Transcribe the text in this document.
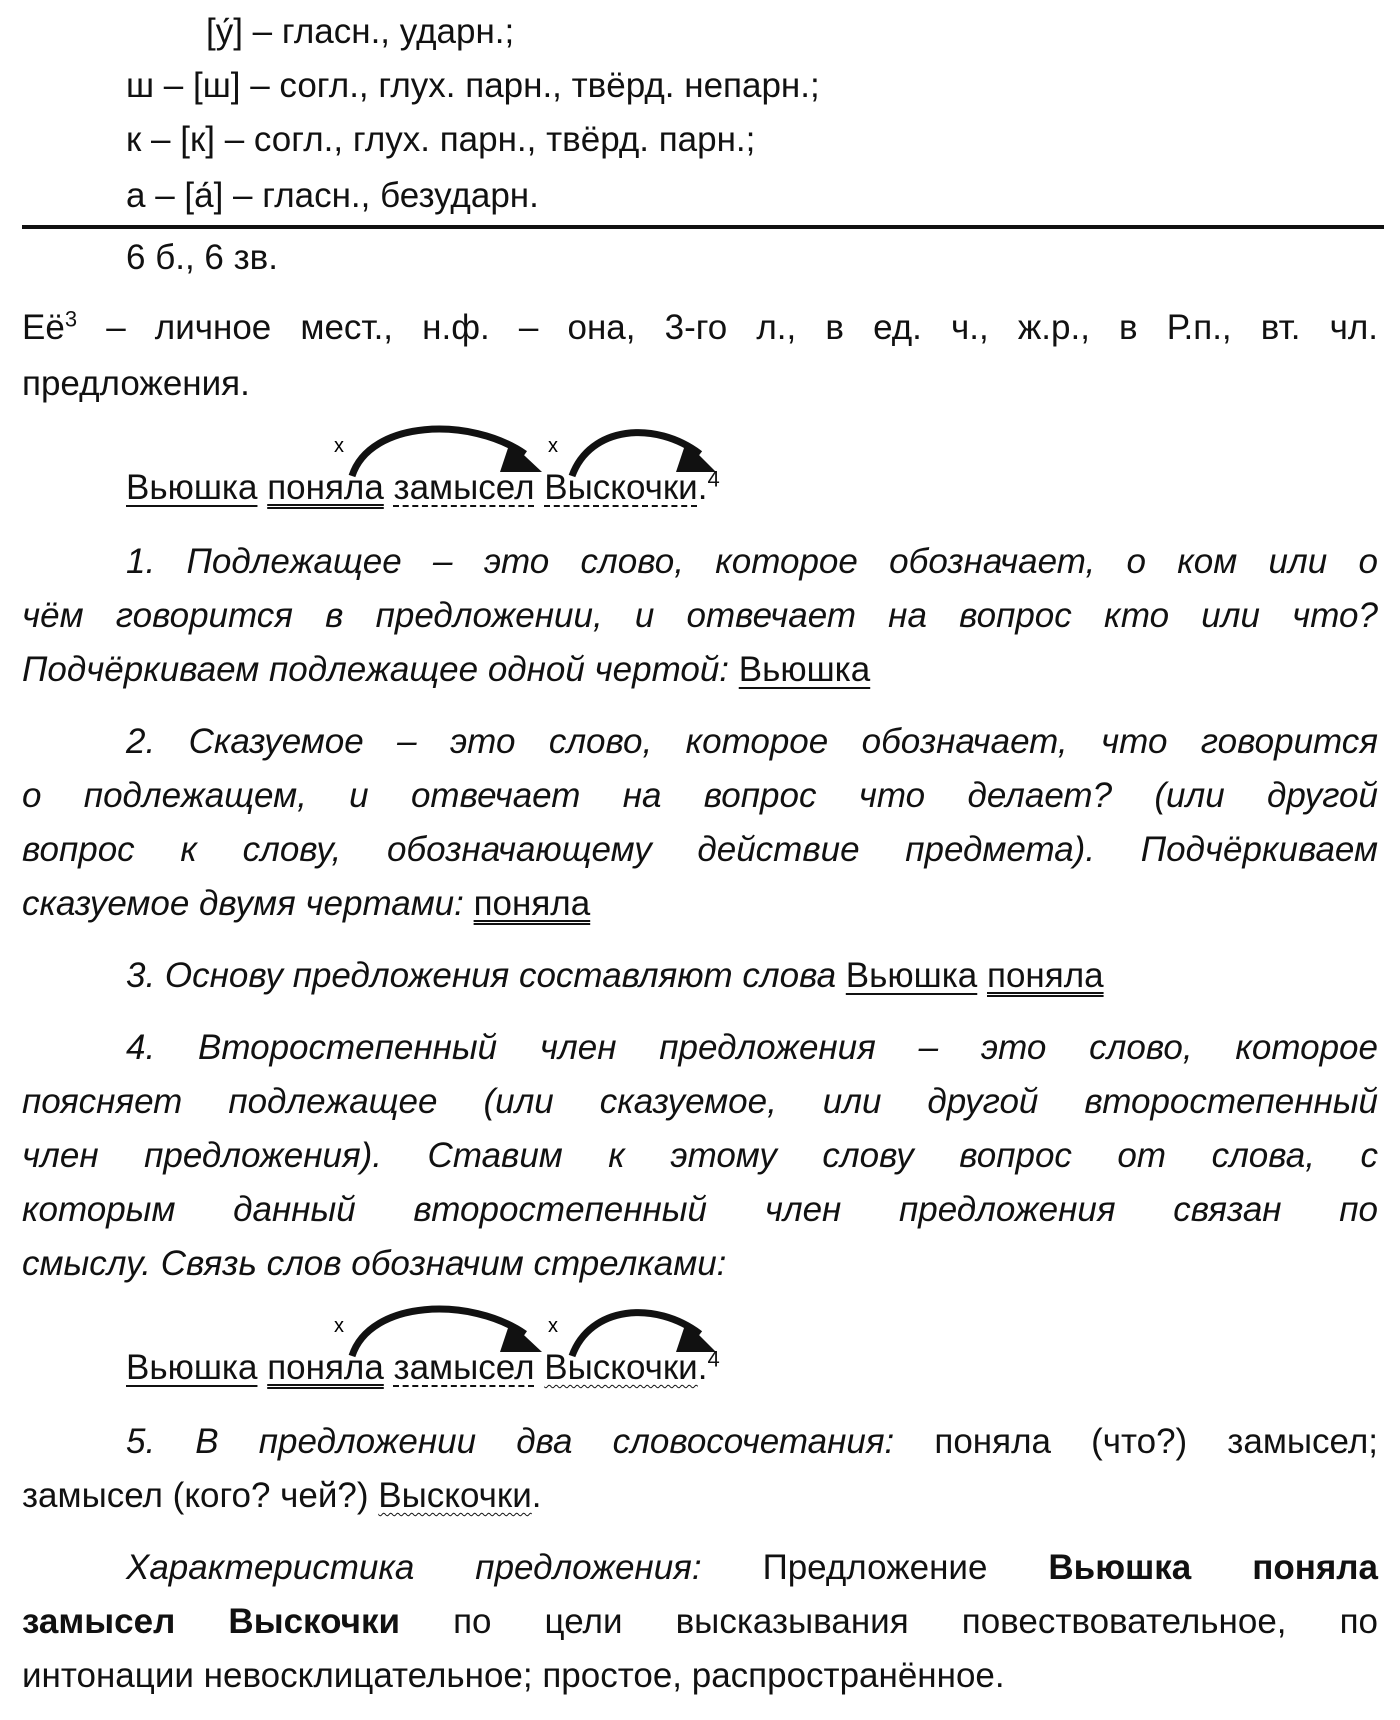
[у́] – гласн., ударн.;
ш – [ш] – согл., глух. парн., твёрд. непарн.;
к – [к] – согл., глух. парн., твёрд. парн.;
а – [а́] – гласн., безударн.
6 б., 6 зв.
$Её^3$ – личное мест., н.ф. – она, 3-го л., в ед. ч., ж.р., в Р.п., вт. чл.
предложения.
x	x
Вьюшка поняла замысел Выскочки.$^4$
1. Подлежащее – это слово, которое обозначает, о ком или о
чём говорится в предложении, и отвечает на вопрос кто или что?
Подчёркиваем подлежащее одной чертой: Вьюшка
2. Сказуемое – это слово, которое обозначает, что говорится
о подлежащем, и отвечает на вопрос что делает? (или другой
вопрос к слову, обозначающему действие предмета). Подчёркиваем
сказуемое двумя чертами: поняла
3. Основу предложения составляют слова Вьюшка поняла
4. Второстепенный член предложения – это слово, которое
поясняет подлежащее (или сказуемое, или другой второстепенный
член предложения). Ставим к этому слову вопрос от слова, с
которым данный второстепенный член предложения связан по
смыслу. Связь слов обозначим стрелками:
x	x
Вьюшка поняла замысел Выскочки.$^4$
5. В предложении два словосочетания: поняла (что?) замысел;
замысел (кого? чей?) Выскочки.
Характеристика предложения: Предложение Вьюшка поняла
замысел Выскочки по цели высказывания повествовательное, по
интонации невосклицательное; простое, распространённое.
